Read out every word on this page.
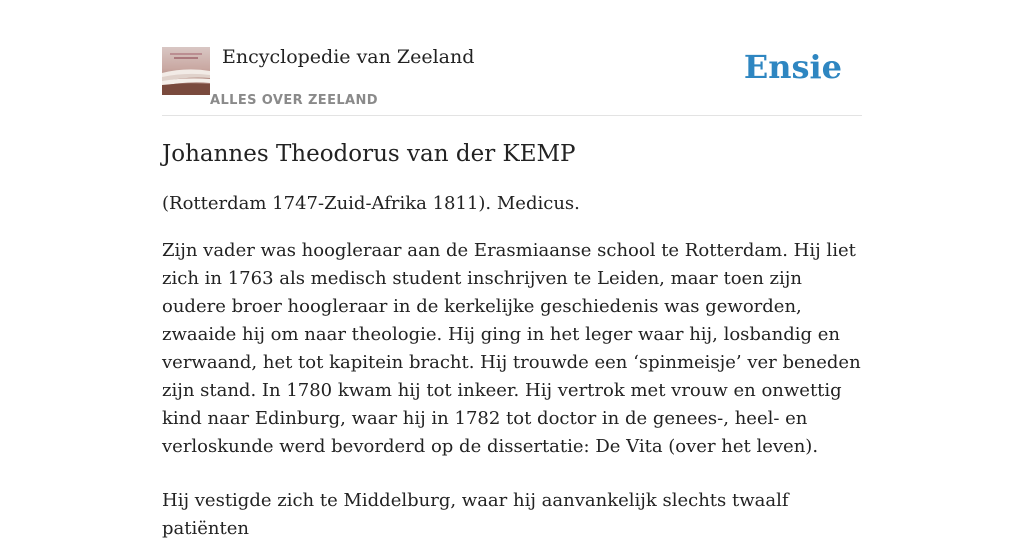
Encyclopedie van Zeeland
ALLES OVER ZEELAND
Ensie
Johannes Theodorus van der KEMP

(Rotterdam 1747-Zuid-Afrika 1811). Medicus.

Zijn vader was hoogleraar aan de Erasmiaanse school te Rotterdam. Hij liet zich in 1763 als medisch student inschrijven te Leiden, maar toen zijn oudere broer hoogleraar in de kerkelijke geschiedenis was geworden, zwaaide hij om naar theologie. Hij ging in het leger waar hij, losbandig en verwaand, het tot kapitein bracht. Hij trouwde een ‘spinmeisje’ ver beneden zijn stand. In 1780 kwam hij tot inkeer. Hij vertrok met vrouw en onwettig kind naar Edinburg, waar hij in 1782 tot doctor in de genees-, heel- en verloskunde werd bevorderd op de dissertatie: De Vita (over het leven).

Hij vestigde zich te Middelburg, waar hij aanvankelijk slechts twaalf patiënten
